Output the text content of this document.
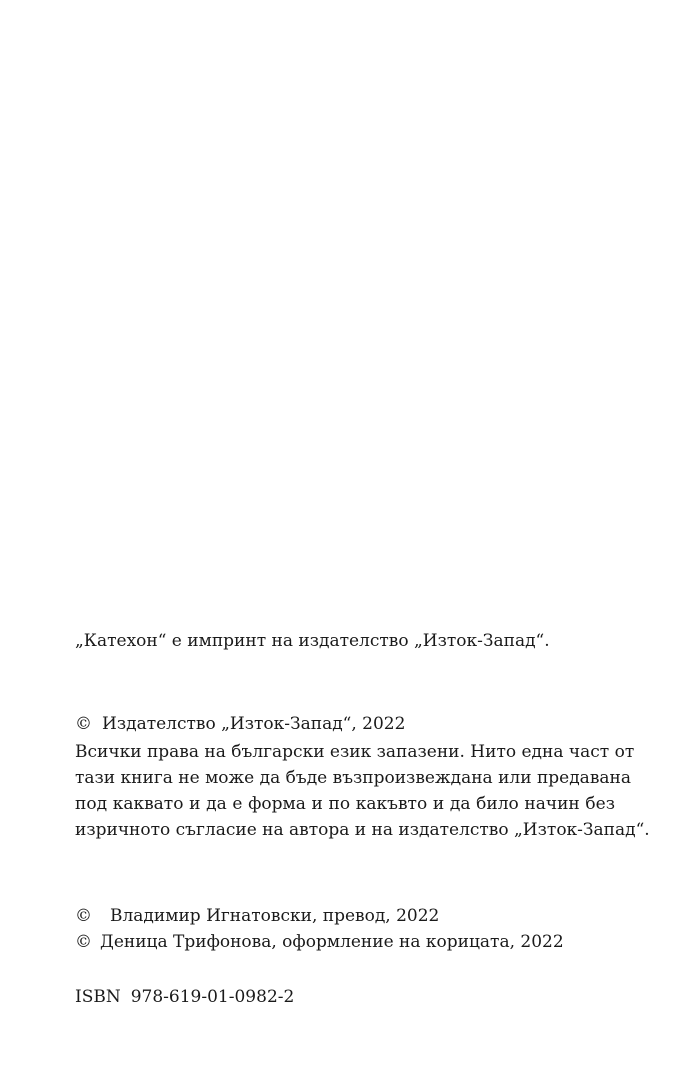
„Катехон“ е импринт на издателство „Изток-Запад“.

© Издателство „Изток-Запад“, 2022

Всички права на български език запазени. Нито една част от
тази книга не може да бъде възпроизвеждана или предавана
под каквато и да е форма и по какъвто и да било начин без
изричното съгласие на автора и на издателство „Изток-Запад“.

© Владимир Игнатовски, превод, 2022

© Деница Трифонова, оформление на корицата, 2022

ISBN 978-619-01-0982-2
